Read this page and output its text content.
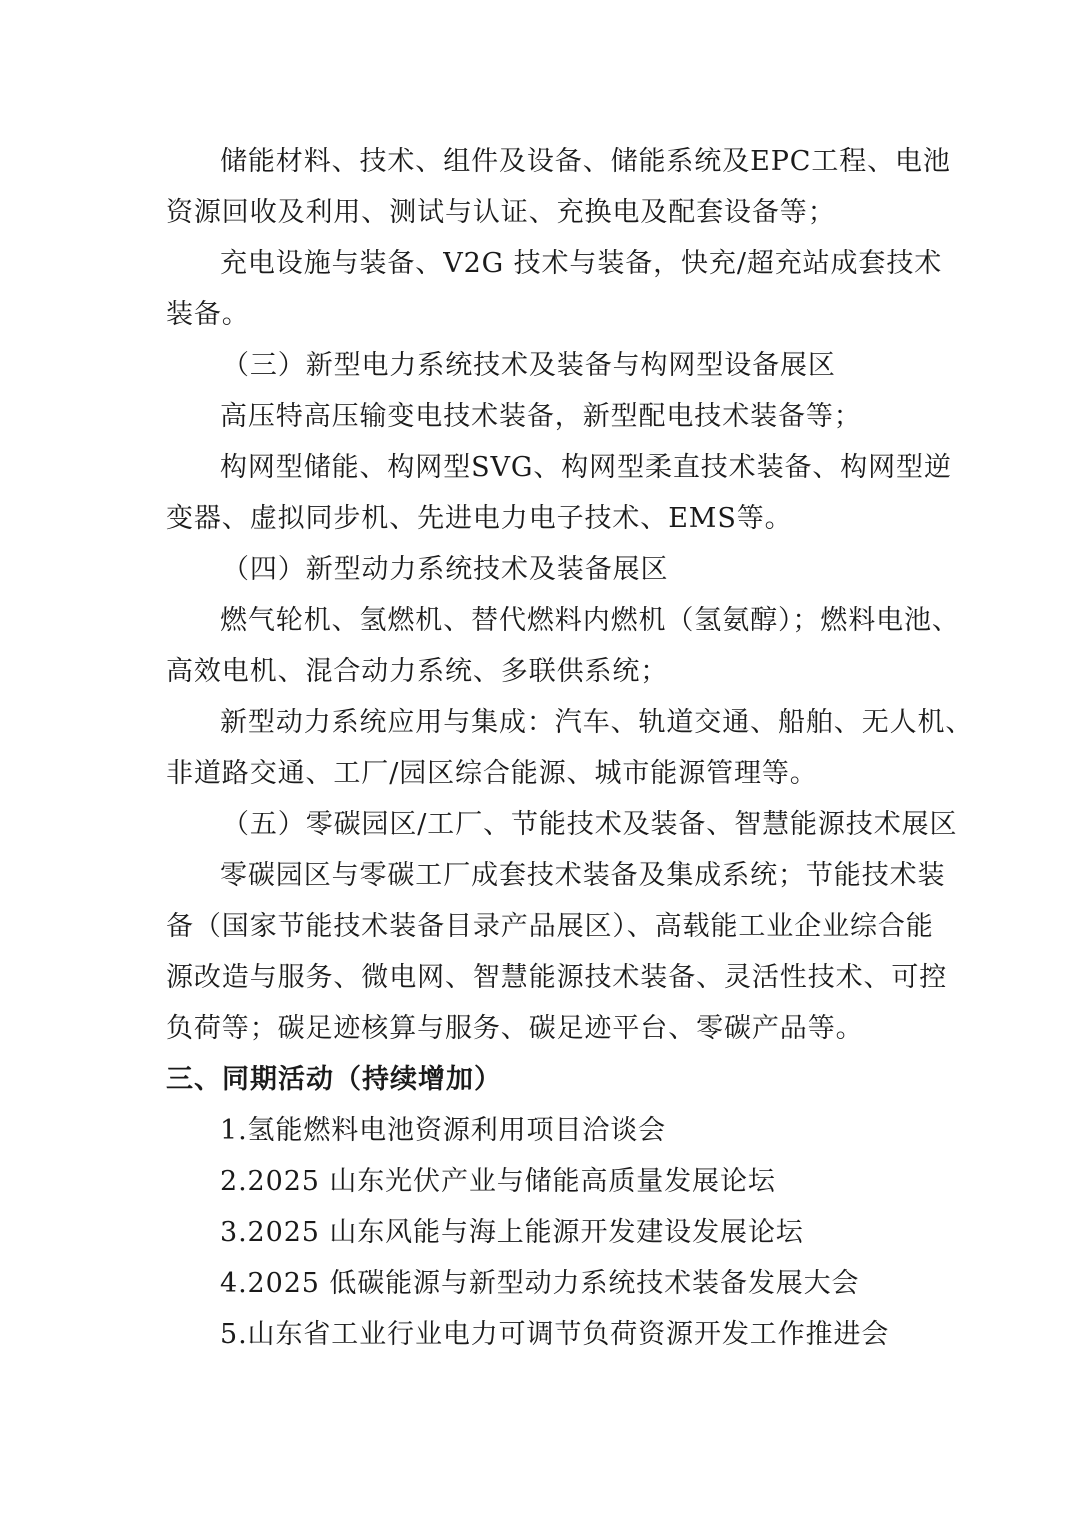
储能材料、技术、组件及设备、储能系统及EPC工程、电池
资源回收及利用、测试与认证、充换电及配套设备等；
充电设施与装备、V2G 技术与装备，快充/超充站成套技术
装备。
（三）新型电力系统技术及装备与构网型设备展区
高压特高压输变电技术装备，新型配电技术装备等；
构网型储能、构网型SVG、构网型柔直技术装备、构网型逆
变器、虚拟同步机、先进电力电子技术、EMS等。
（四）新型动力系统技术及装备展区
燃气轮机、氢燃机、替代燃料内燃机（氢氨醇）；燃料电池、
高效电机、混合动力系统、多联供系统；
新型动力系统应用与集成：汽车、轨道交通、船舶、无人机、
非道路交通、工厂/园区综合能源、城市能源管理等。
（五）零碳园区/工厂、节能技术及装备、智慧能源技术展区
零碳园区与零碳工厂成套技术装备及集成系统；节能技术装
备（国家节能技术装备目录产品展区）、高载能工业企业综合能
源改造与服务、微电网、智慧能源技术装备、灵活性技术、可控
负荷等；碳足迹核算与服务、碳足迹平台、零碳产品等。
三、同期活动（持续增加）
1.氢能燃料电池资源利用项目洽谈会
2.2025 山东光伏产业与储能高质量发展论坛
3.2025 山东风能与海上能源开发建设发展论坛
4.2025 低碳能源与新型动力系统技术装备发展大会
5.山东省工业行业电力可调节负荷资源开发工作推进会
